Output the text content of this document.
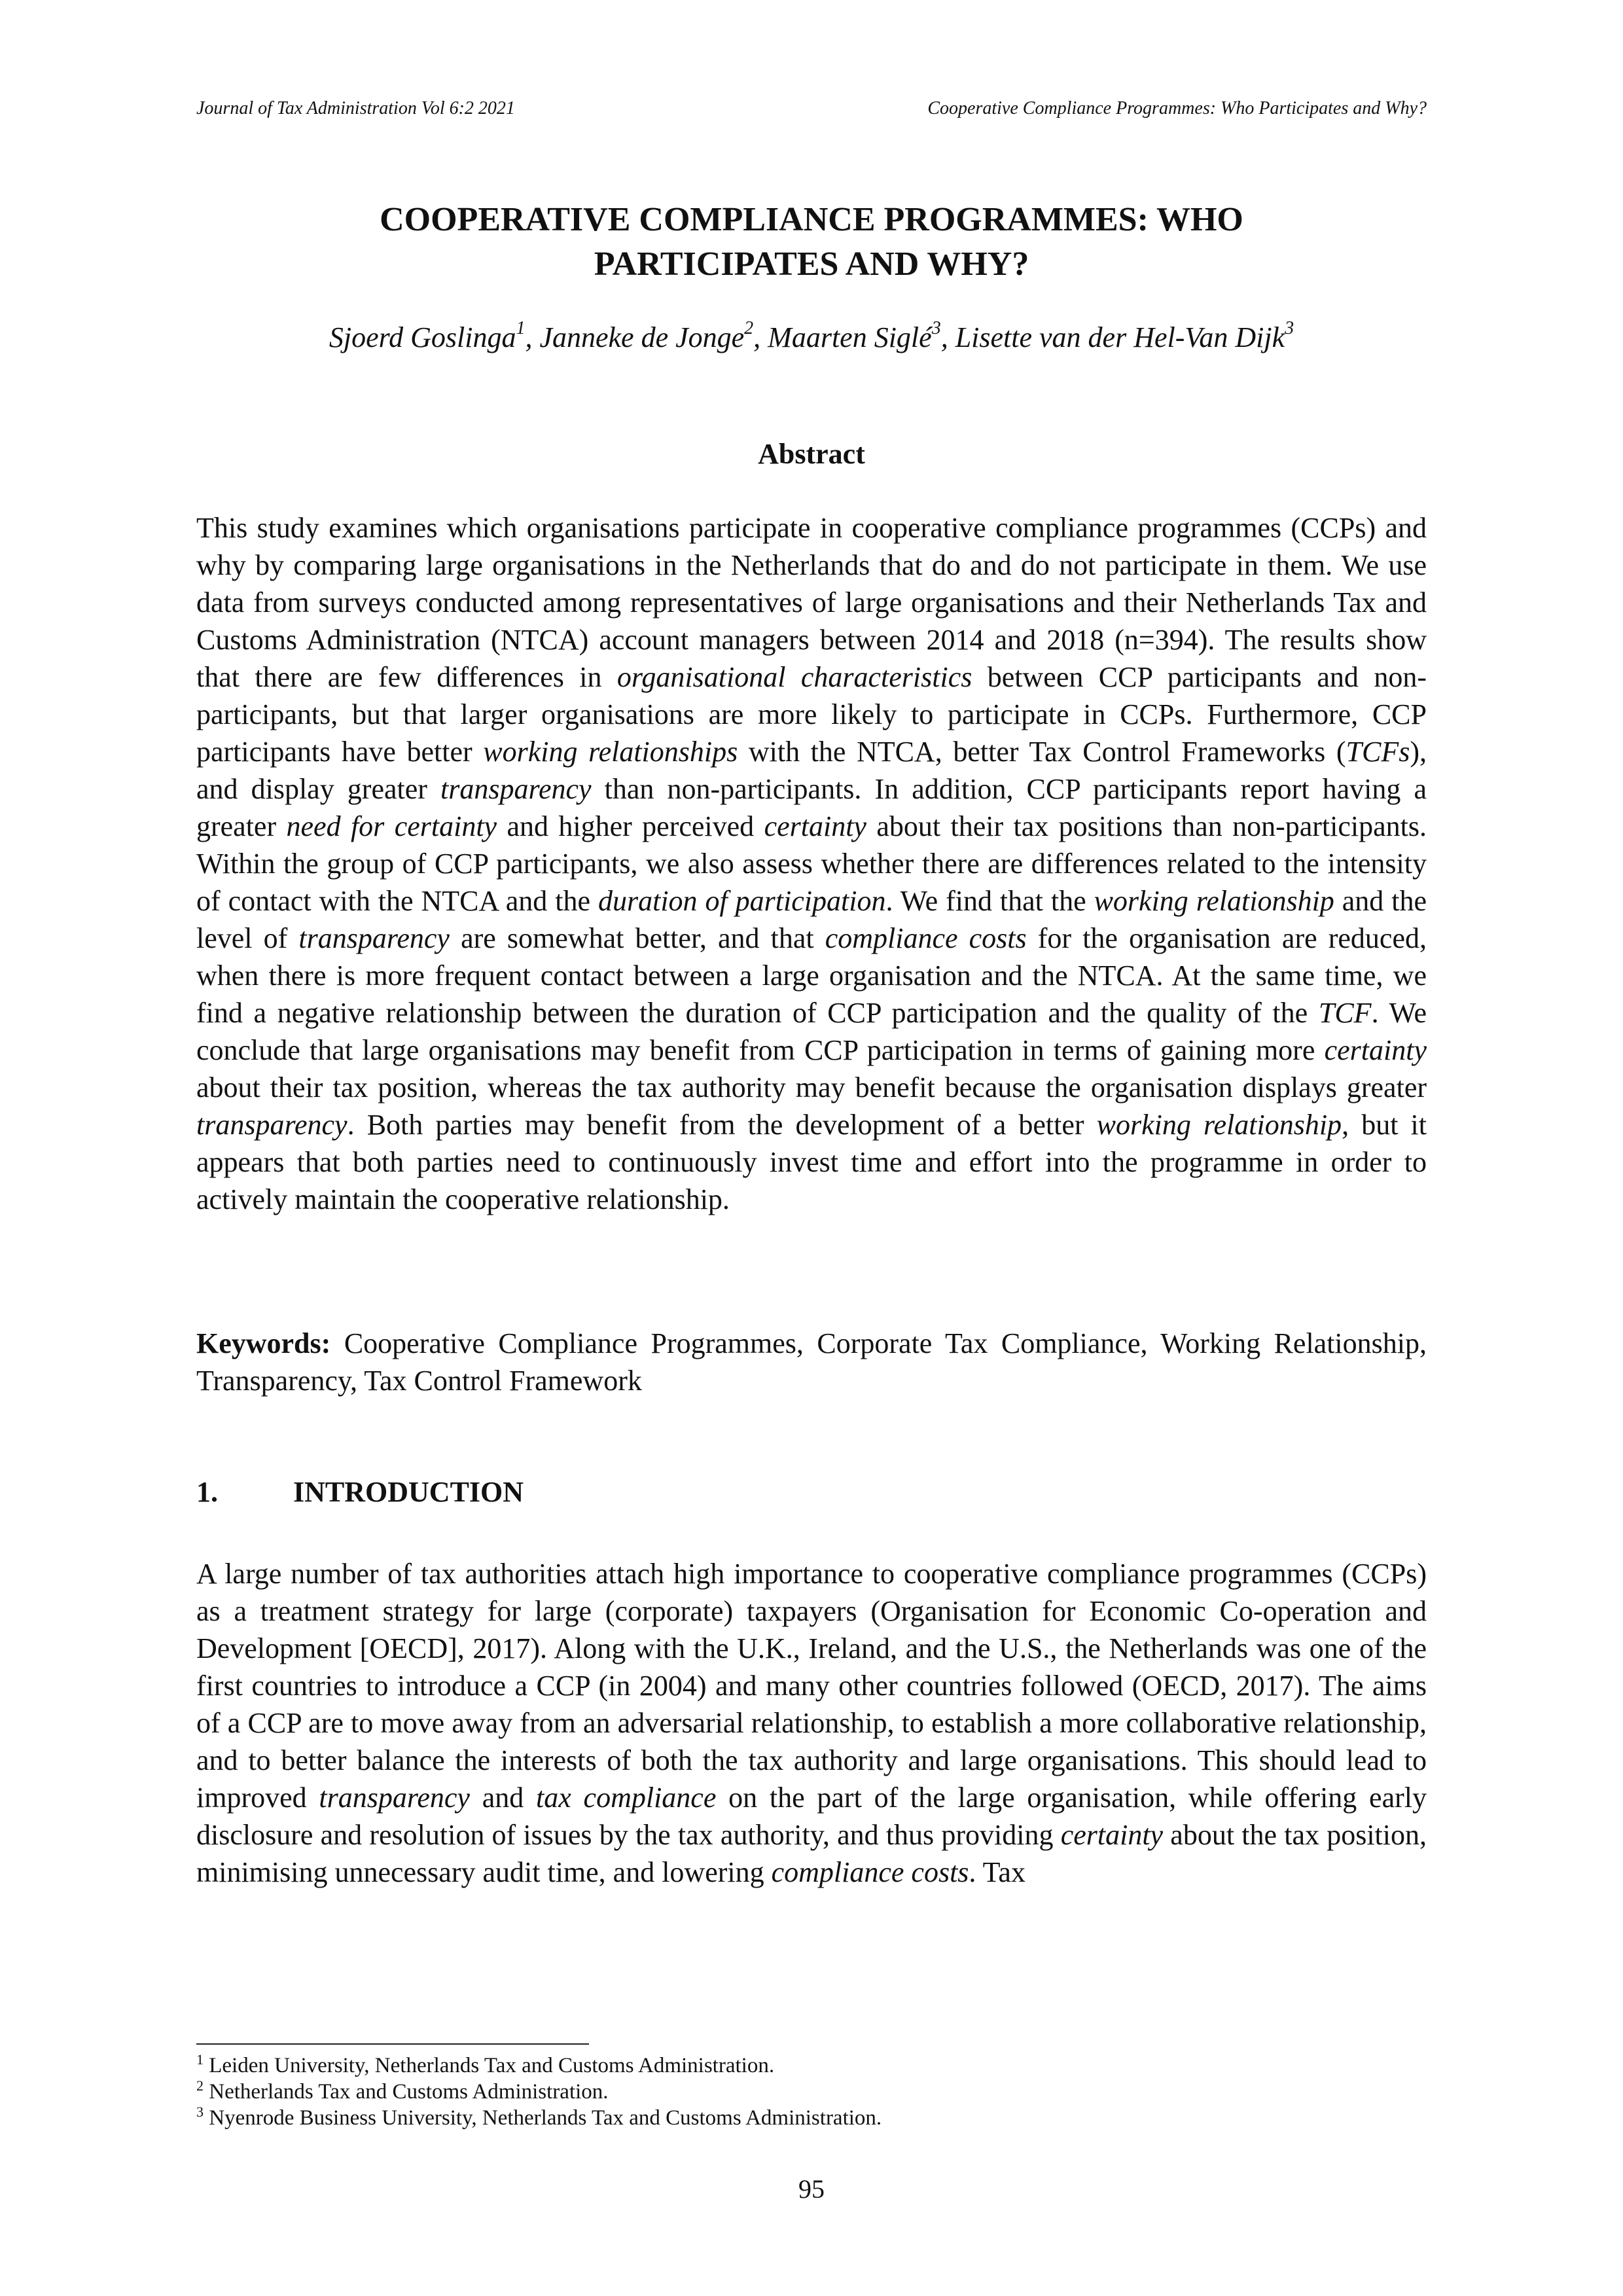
Journal of Tax Administration Vol 6:2 2021	Cooperative Compliance Programmes: Who Participates and Why?
COOPERATIVE COMPLIANCE PROGRAMMES: WHO
PARTICIPATES AND WHY?
Sjoerd Goslinga$^1$, Janneke de Jonge$^2$, Maarten Siglé$^3$, Lisette van der Hel-Van Dijk$^3$
Abstract
This study examines which organisations participate in cooperative compliance programmes (CCPs) and why by comparing large organisations in the Netherlands that do and do not participate in them. We use data from surveys conducted among representatives of large organisations and their Netherlands Tax and Customs Administration (NTCA) account managers between 2014 and 2018 (n=394). The results show that there are few differences in organisational characteristics between CCP participants and non-participants, but that larger organisations are more likely to participate in CCPs. Furthermore, CCP participants have better working relationships with the NTCA, better Tax Control Frameworks (TCFs), and display greater transparency than non-participants. In addition, CCP participants report having a greater need for certainty and higher perceived certainty about their tax positions than non-participants. Within the group of CCP participants, we also assess whether there are differences related to the intensity of contact with the NTCA and the duration of participation. We find that the working relationship and the level of transparency are somewhat better, and that compliance costs for the organisation are reduced, when there is more frequent contact between a large organisation and the NTCA. At the same time, we find a negative relationship between the duration of CCP participation and the quality of the TCF. We conclude that large organisations may benefit from CCP participation in terms of gaining more certainty about their tax position, whereas the tax authority may benefit because the organisation displays greater transparency. Both parties may benefit from the development of a better working relationship, but it appears that both parties need to continuously invest time and effort into the programme in order to actively maintain the cooperative relationship.
Keywords: Cooperative Compliance Programmes, Corporate Tax Compliance, Working Relationship, Transparency, Tax Control Framework
1.	INTRODUCTION
A large number of tax authorities attach high importance to cooperative compliance programmes (CCPs) as a treatment strategy for large (corporate) taxpayers (Organisation for Economic Co-operation and Development [OECD], 2017). Along with the U.K., Ireland, and the U.S., the Netherlands was one of the first countries to introduce a CCP (in 2004) and many other countries followed (OECD, 2017). The aims of a CCP are to move away from an adversarial relationship, to establish a more collaborative relationship, and to better balance the interests of both the tax authority and large organisations. This should lead to improved transparency and tax compliance on the part of the large organisation, while offering early disclosure and resolution of issues by the tax authority, and thus providing certainty about the tax position, minimising unnecessary audit time, and lowering compliance costs. Tax
$^1$ Leiden University, Netherlands Tax and Customs Administration.
$^2$ Netherlands Tax and Customs Administration.
$^3$ Nyenrode Business University, Netherlands Tax and Customs Administration.
95
